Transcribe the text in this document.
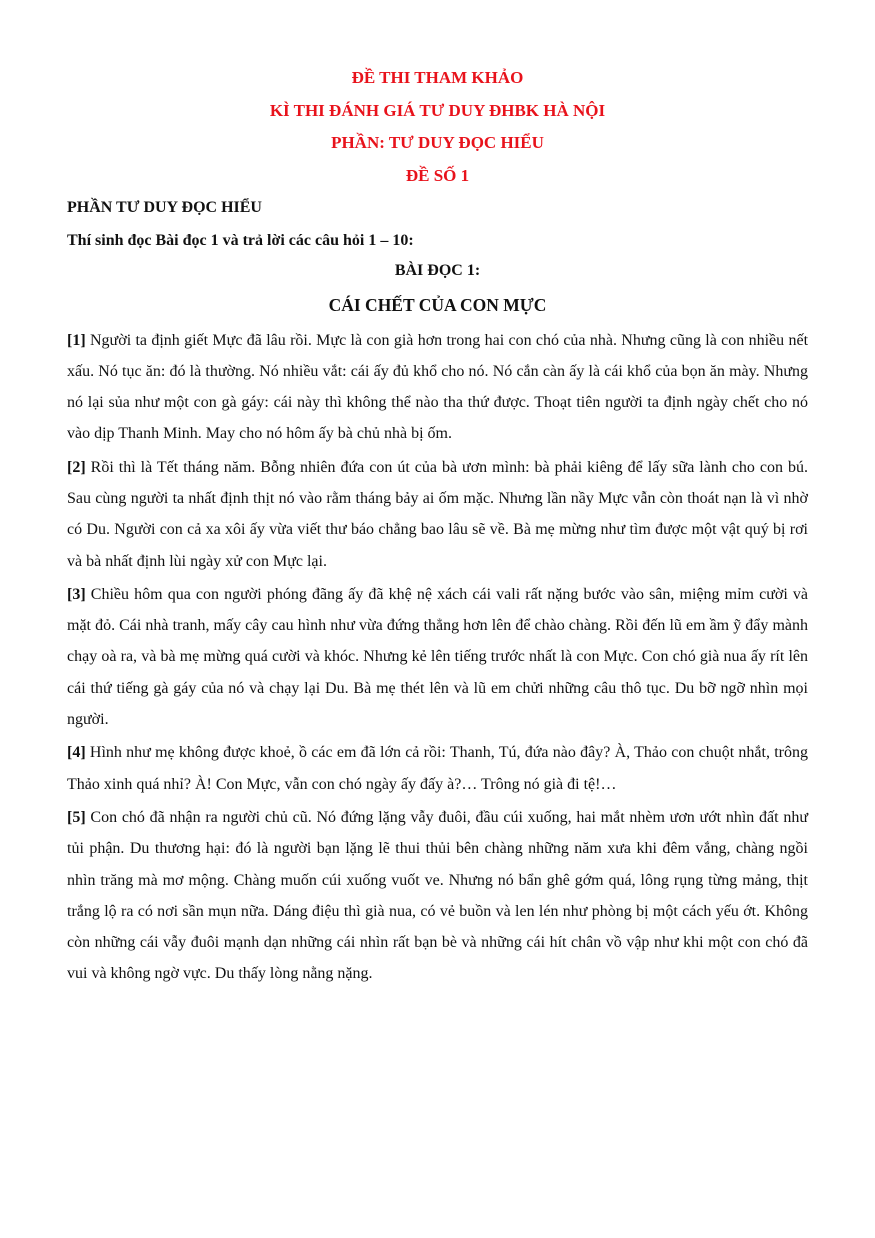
ĐỀ THI THAM KHẢO
KÌ THI ĐÁNH GIÁ TƯ DUY ĐHBK HÀ NỘI
PHẦN: TƯ DUY ĐỌC HIỂU
ĐỀ SỐ 1
PHẦN TƯ DUY ĐỌC HIỂU
Thí sinh đọc Bài đọc 1 và trả lời các câu hỏi 1 – 10:
BÀI ĐỌC 1:
CÁI CHẾT CỦA CON MỰC
[1] Người ta định giết Mực đã lâu rồi. Mực là con già hơn trong hai con chó của nhà. Nhưng cũng là con nhiều nết xấu. Nó tục ăn: đó là thường. Nó nhiều vắt: cái ấy đủ khổ cho nó. Nó cắn càn ấy là cái khổ của bọn ăn mày. Nhưng nó lại sủa như một con gà gáy: cái này thì không thể nào tha thứ được. Thoạt tiên người ta định ngày chết cho nó vào dịp Thanh Minh. May cho nó hôm ấy bà chủ nhà bị ốm.
[2] Rồi thì là Tết tháng năm. Bỗng nhiên đứa con út của bà ươn mình: bà phải kiêng để lấy sữa lành cho con bú. Sau cùng người ta nhất định thịt nó vào rằm tháng bảy ai ốm mặc. Nhưng lần nầy Mực vẫn còn thoát nạn là vì nhờ có Du. Người con cả xa xôi ấy vừa viết thư báo chẳng bao lâu sẽ về. Bà mẹ mừng như tìm được một vật quý bị rơi và bà nhất định lùi ngày xử con Mực lại.
[3] Chiều hôm qua con người phóng đãng ấy đã khệ nệ xách cái vali rất nặng bước vào sân, miệng mỉm cười và mặt đỏ. Cái nhà tranh, mấy cây cau hình như vừa đứng thẳng hơn lên để chào chàng. Rồi đến lũ em ầm ỹ đẩy mành chạy oà ra, và bà mẹ mừng quá cười và khóc. Nhưng kẻ lên tiếng trước nhất là con Mực. Con chó già nua ấy rít lên cái thứ tiếng gà gáy của nó và chạy lại Du. Bà mẹ thét lên và lũ em chửi những câu thô tục. Du bỡ ngỡ nhìn mọi người.
[4] Hình như mẹ không được khoẻ, ồ các em đã lớn cả rồi: Thanh, Tú, đứa nào đây? À, Thảo con chuột nhắt, trông Thảo xinh quá nhỉ? À! Con Mực, vẫn con chó ngày ấy đấy à?… Trông nó già đi tệ!…
[5] Con chó đã nhận ra người chủ cũ. Nó đứng lặng vẫy đuôi, đầu cúi xuống, hai mắt nhèm ươn ướt nhìn đất như tủi phận. Du thương hại: đó là người bạn lặng lẽ thui thủi bên chàng những năm xưa khi đêm vắng, chàng ngồi nhìn trăng mà mơ mộng. Chàng muốn cúi xuống vuốt ve. Nhưng nó bẩn ghê gớm quá, lông rụng từng mảng, thịt trắng lộ ra có nơi sần mụn nữa. Dáng điệu thì già nua, có vẻ buồn và len lén như phòng bị một cách yếu ớt. Không còn những cái vẫy đuôi mạnh dạn những cái nhìn rất bạn bè và những cái hít chân vồ vập như khi một con chó đã vui và không ngờ vực. Du thấy lòng nằng nặng.
